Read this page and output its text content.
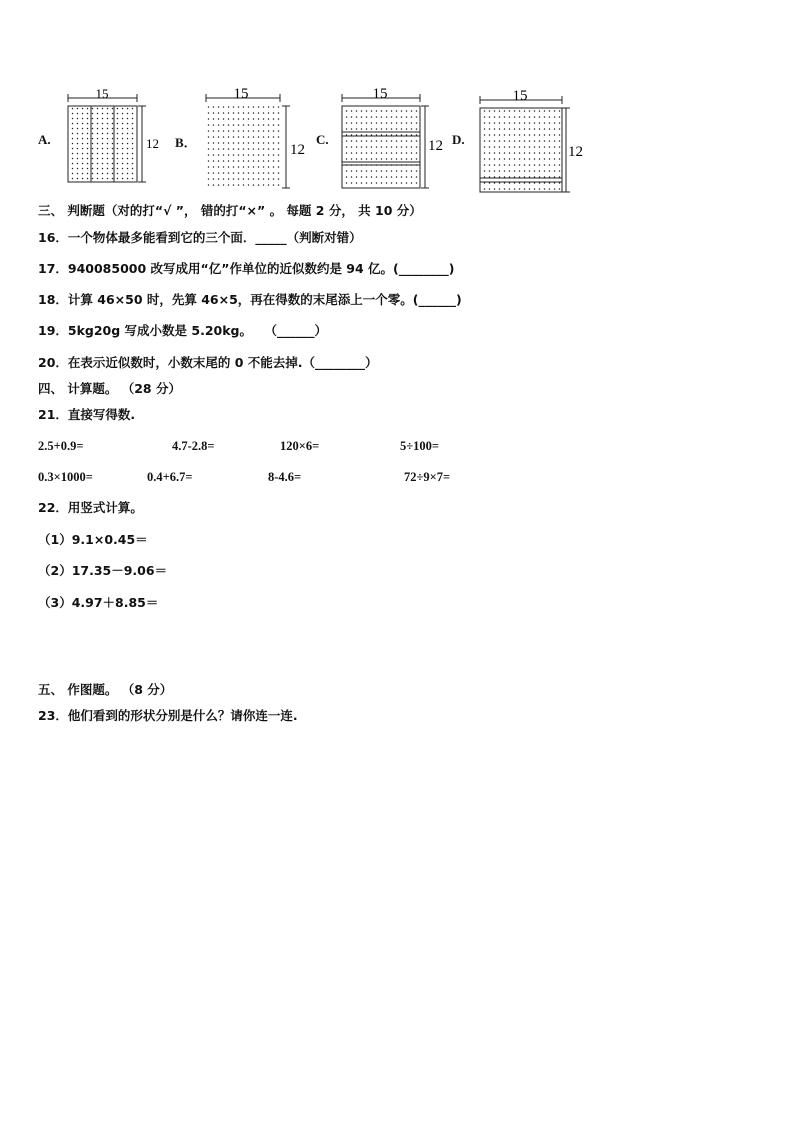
A.	B．	C.	D.
15
12
15
12
15
12
15
12
三、 判断题（对的打“√ ”， 错的打“×” 。 每题 2 分， 共 10 分）
16．一个物体最多能看到它的三个面．_____（判断对错）
17．940085000 改写成用“亿”作单位的近似数约是 94 亿。(________)
18．计算 46×50 时，先算 46×5，再在得数的末尾添上一个零。(______)
19．5kg20g 写成小数是 5.20kg。　　（______）
20．在表示近似数时，小数末尾的 0 不能去掉.（________）
四、 计算题。 （28 分）
21．直接写得数.
2.5+0.9=	4.7-2.8=	120×6=	5÷100=
0.3×1000=	0.4+6.7=	8-4.6=	72÷9×7=
22．用竖式计算。
（1）9.1×0.45＝
（2）17.35－9.06＝
（3）4.97＋8.85＝
五、 作图题。 （8 分）
23．他们看到的形状分别是什么？请你连一连.
